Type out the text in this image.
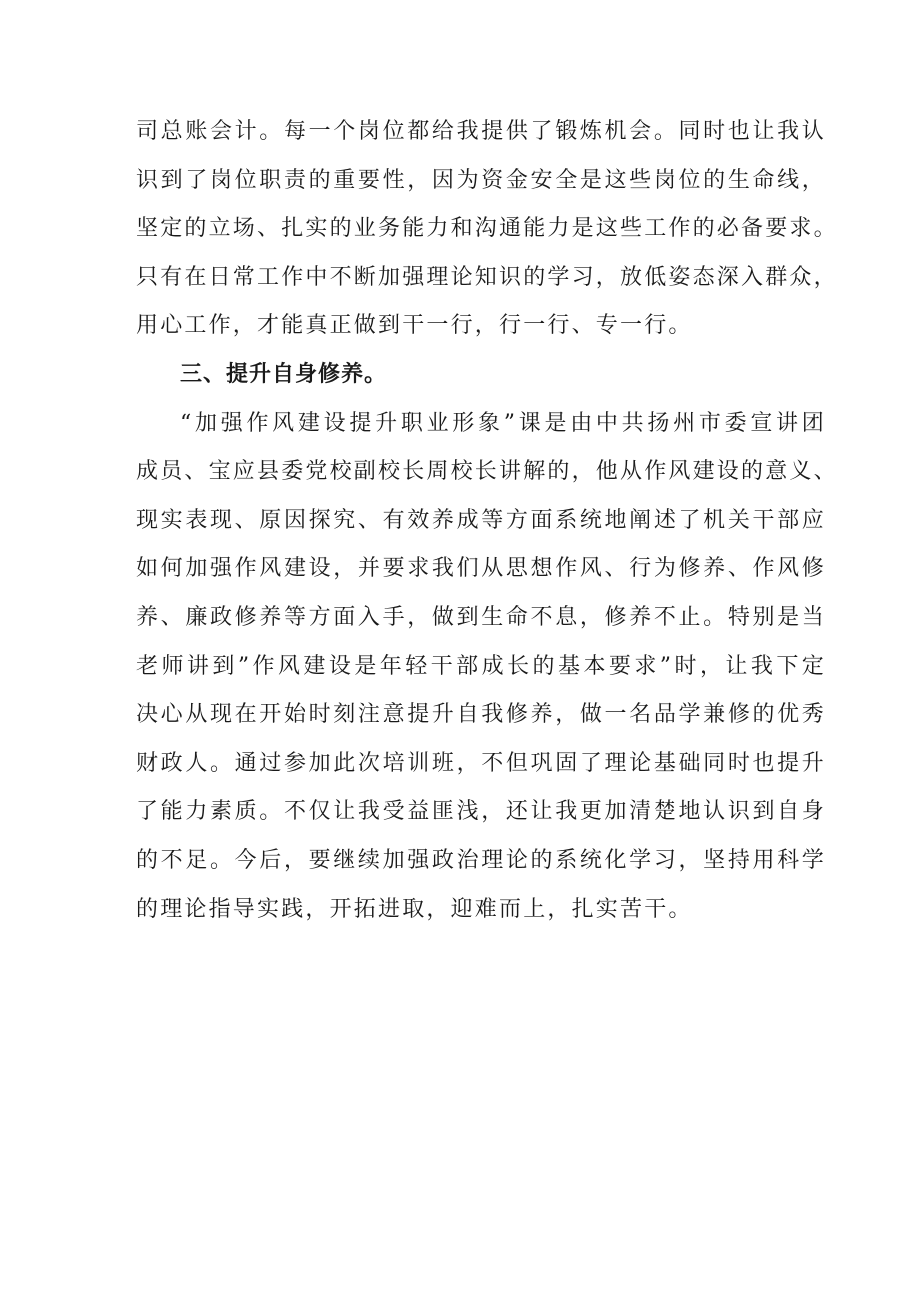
司总账会计。每一个岗位都给我提供了锻炼机会。同时也让我认
识到了岗位职责的重要性，因为资金安全是这些岗位的生命线，
坚定的立场、扎实的业务能力和沟通能力是这些工作的必备要求。
只有在日常工作中不断加强理论知识的学习，放低姿态深入群众，
用心工作，才能真正做到干一行，行一行、专一行。
三、提升自身修养。
“加强作风建设提升职业形象”课是由中共扬州市委宣讲团
成员、宝应县委党校副校长周校长讲解的，他从作风建设的意义、
现实表现、原因探究、有效养成等方面系统地阐述了机关干部应
如何加强作风建设，并要求我们从思想作风、行为修养、作风修
养、廉政修养等方面入手，做到生命不息，修养不止。特别是当
老师讲到”作风建设是年轻干部成长的基本要求”时，让我下定
决心从现在开始时刻注意提升自我修养，做一名品学兼修的优秀
财政人。通过参加此次培训班，不但巩固了理论基础同时也提升
了能力素质。不仅让我受益匪浅，还让我更加清楚地认识到自身
的不足。今后，要继续加强政治理论的系统化学习，坚持用科学
的理论指导实践，开拓进取，迎难而上，扎实苦干。
